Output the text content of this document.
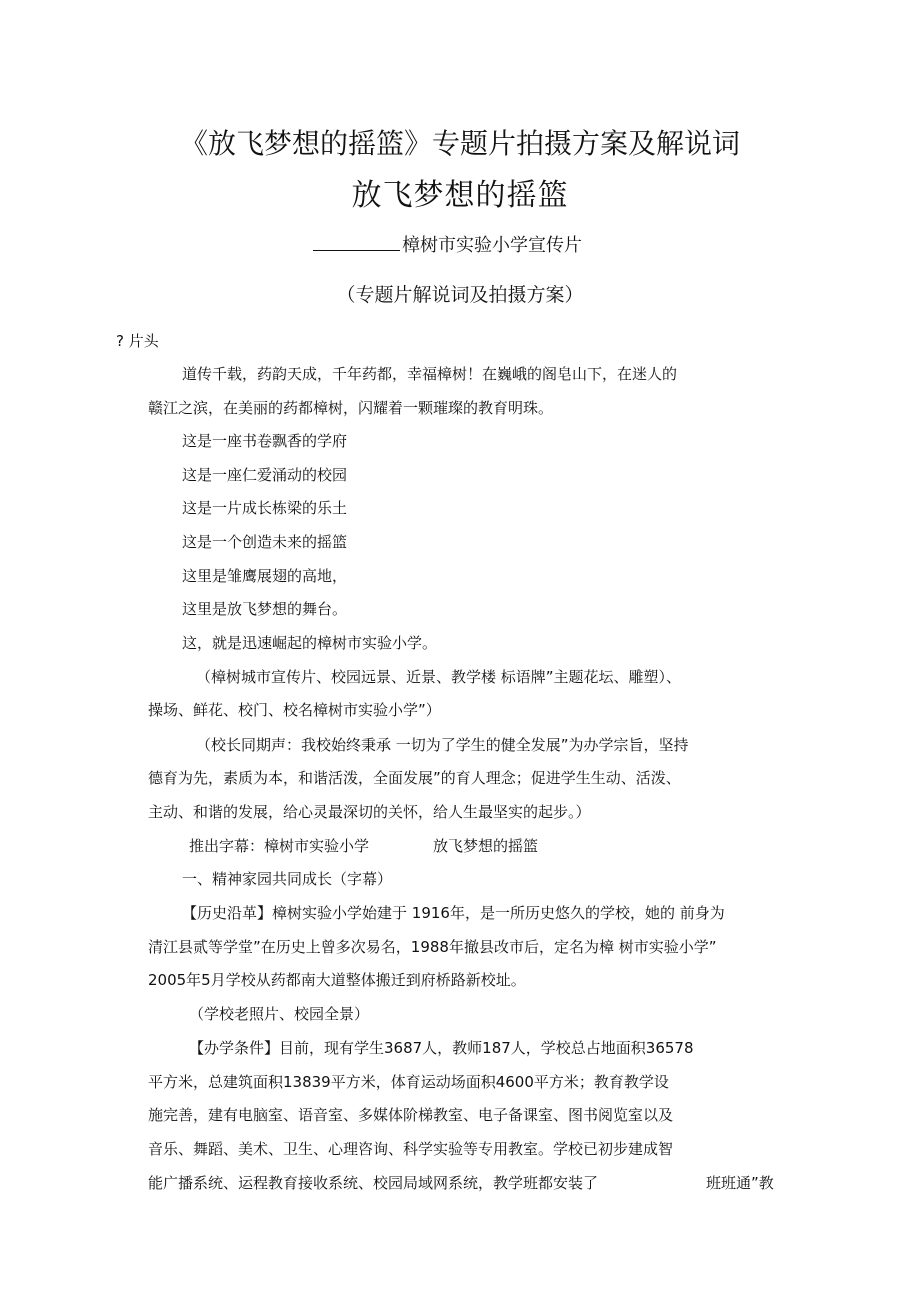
《放飞梦想的摇篮》专题片拍摄方案及解说词
放飞梦想的摇篮
樟树市实验小学宣传片
（专题片解说词及拍摄方案）
? 片头
道传千载，药韵天成，千年药都，幸福樟树！在巍峨的阁皂山下，在迷人的
赣江之滨，在美丽的药都樟树，闪耀着一颗璀璨的教育明珠。
这是一座书卷飘香的学府
这是一座仁爱涌动的校园
这是一片成长栋梁的乐土
这是一个创造未来的摇篮
这里是雏鹰展翅的高地，
这里是放飞梦想的舞台。
这，就是迅速崛起的樟树市实验小学。
（樟树城市宣传片、校园远景、近景、教学楼 标语牌”主题花坛、雕塑）、
操场、鲜花、校门、校名樟树市实验小学”）
（校长同期声：我校始终秉承 一切为了学生的健全发展”为办学宗旨，坚持
德育为先，素质为本，和谐活泼，全面发展”的育人理念；促进学生生动、活泼、
主动、和谐的发展，给心灵最深切的关怀，给人生最坚实的起步。）
推出字幕：樟树市实验小学	放飞梦想的摇篮
一、精神家园共同成长（字幕）
【历史沿革】樟树实验小学始建于 1916年，是一所历史悠久的学校，她的 前身为
清江县贰等学堂”在历史上曾多次易名，1988年撤县改市后，定名为樟 树市实验小学”
2005年5月学校从药都南大道整体搬迁到府桥路新校址。
（学校老照片、校园全景）
【办学条件】目前，现有学生3687人，教师187人，学校总占地面积36578
平方米，总建筑面积13839平方米，体育运动场面积4600平方米；教育教学设
施完善，建有电脑室、语音室、多媒体阶梯教室、电子备课室、图书阅览室以及
音乐、舞蹈、美术、卫生、心理咨询、科学实验等专用教室。学校已初步建成智
能广播系统、运程教育接收系统、校园局域网系统，教学班都安装了	班班通”教
